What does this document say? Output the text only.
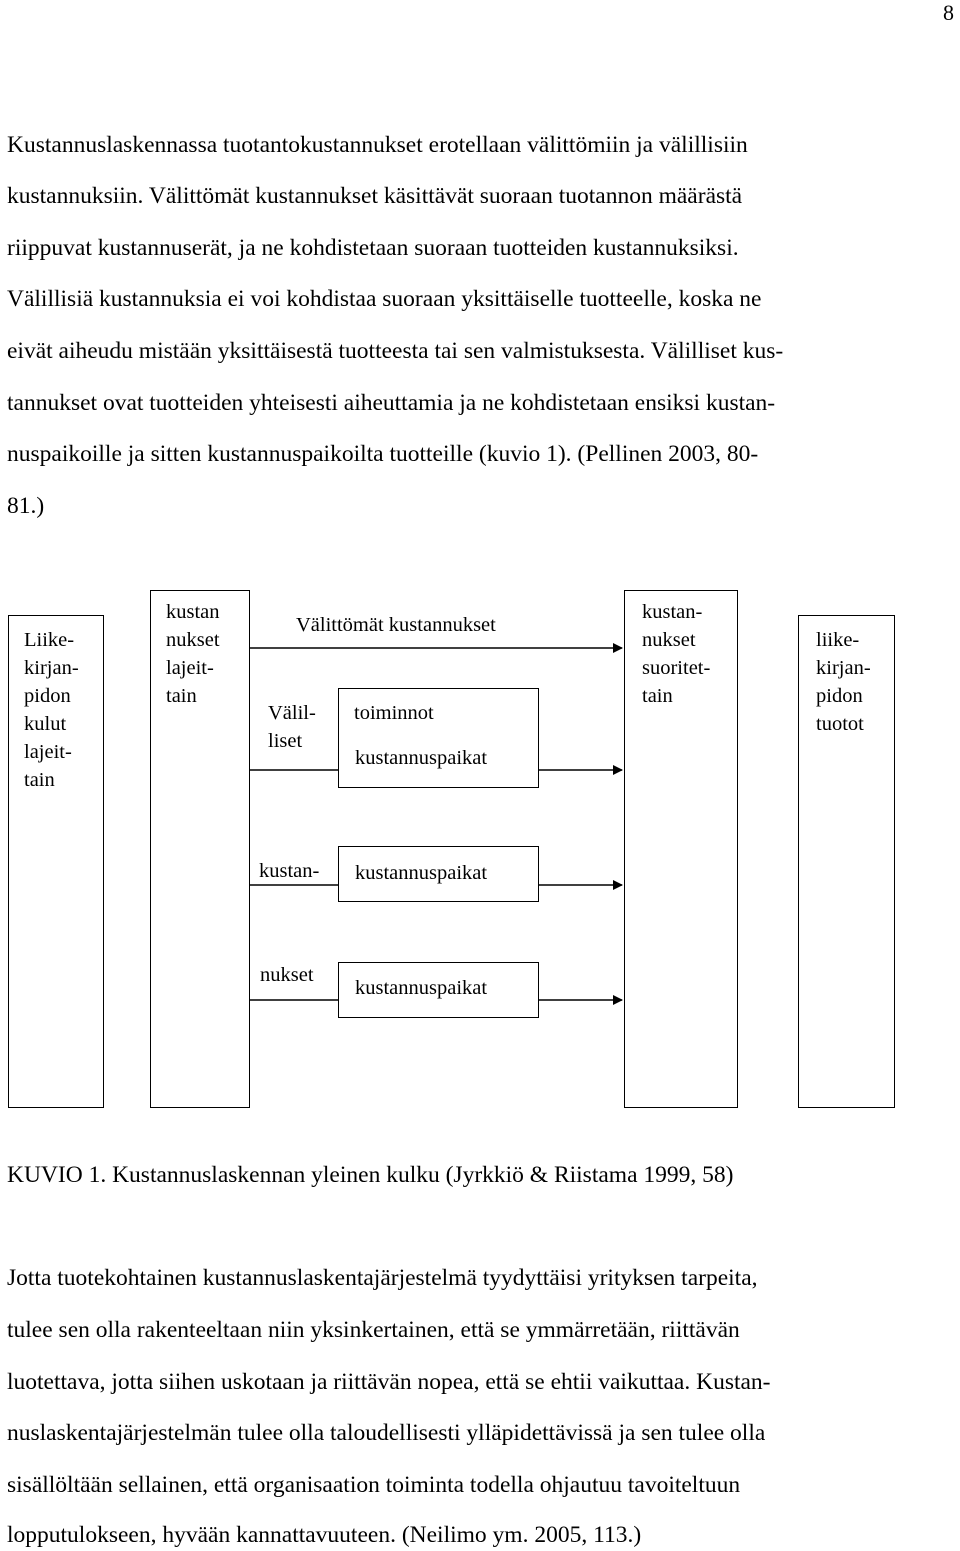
8
Kustannuslaskennassa tuotantokustannukset erotellaan välittömiin ja välillisiin
kustannuksiin. Välittömät kustannukset käsittävät suoraan tuotannon määrästä
riippuvat kustannuserät, ja ne kohdistetaan suoraan tuotteiden kustannuksiksi.
Välillisiä kustannuksia ei voi kohdistaa suoraan yksittäiselle tuotteelle, koska ne
eivät aiheudu mistään yksittäisestä tuotteesta tai sen valmistuksesta. Välilliset kus-
tannukset ovat tuotteiden yhteisesti aiheuttamia ja ne kohdistetaan ensiksi kustan-
nuspaikoille ja sitten kustannuspaikoilta tuotteille (kuvio 1). (Pellinen 2003, 80-
81.)
Liike-
kirjan-
pidon
kulut
lajeit-
tain
kustan
nukset
lajeit-
tain
Välittömät kustannukset
Välil-
liset
kustan-
nukset
toiminnot
kustannuspaikat
kustannuspaikat
kustannuspaikat
kustan-
nukset
suoritet-
tain
liike-
kirjan-
pidon
tuotot
KUVIO 1. Kustannuslaskennan yleinen kulku (Jyrkkiö & Riistama 1999, 58)
Jotta tuotekohtainen kustannuslaskentajärjestelmä tyydyttäisi yrityksen tarpeita,
tulee sen olla rakenteeltaan niin yksinkertainen, että se ymmärretään, riittävän
luotettava, jotta siihen uskotaan ja riittävän nopea, että se ehtii vaikuttaa. Kustan-
nuslaskentajärjestelmän tulee olla taloudellisesti ylläpidettävissä ja sen tulee olla
sisällöltään sellainen, että organisaation toiminta todella ohjautuu tavoiteltuun
lopputulokseen, hyvään kannattavuuteen. (Neilimo ym. 2005, 113.)
